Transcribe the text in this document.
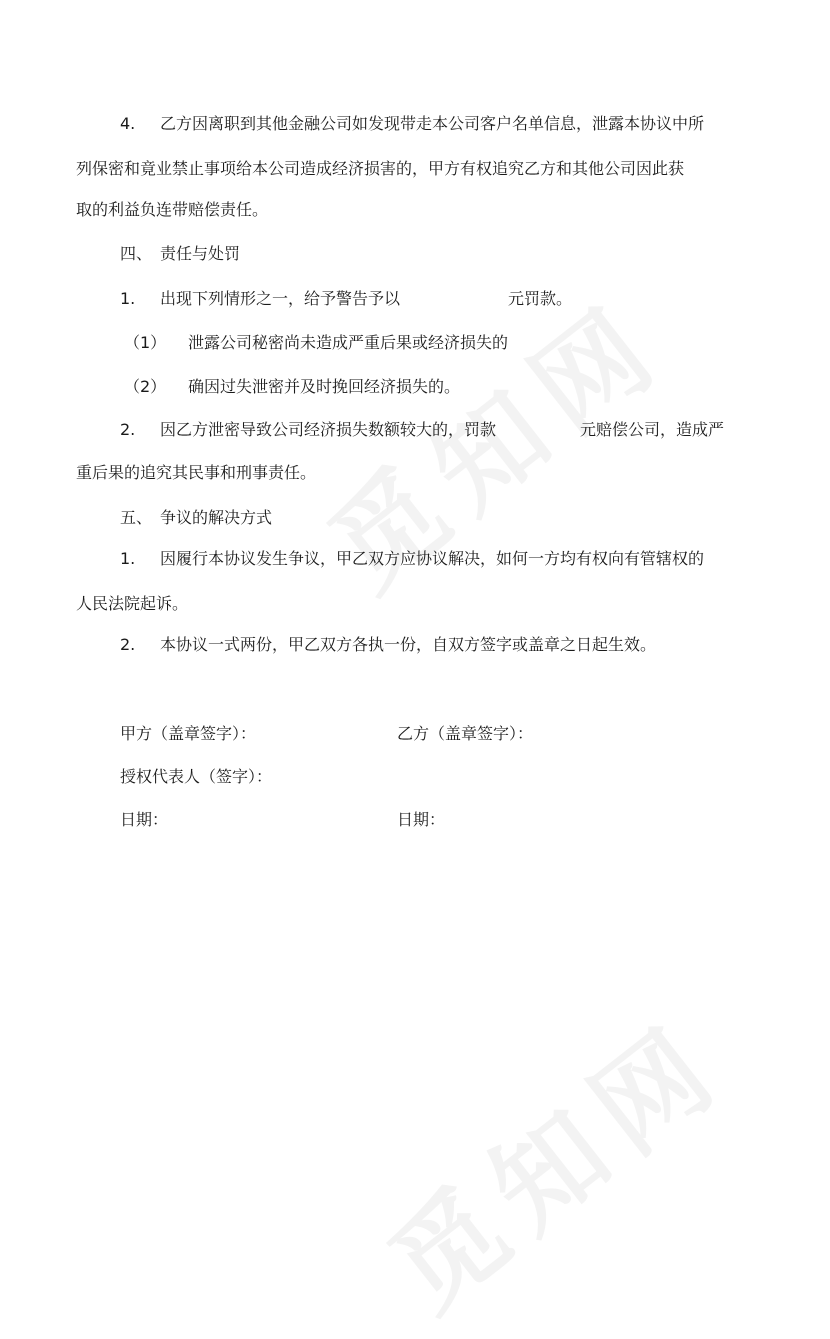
4. 乙方因离职到其他金融公司如发现带走本公司客户名单信息，泄露本协议中所
列保密和竟业禁止事项给本公司造成经济损害的，甲方有权追究乙方和其他公司因此获
取的利益负连带赔偿责任。
四、 责任与处罚
1. 出现下列情形之一，给予警告予以	元罚款。
（1） 泄露公司秘密尚未造成严重后果或经济损失的
（2） 确因过失泄密并及时挽回经济损失的。
2. 因乙方泄密导致公司经济损失数额较大的，罚款	元赔偿公司，造成严
重后果的追究其民事和刑事责任。
五、 争议的解决方式
1. 因履行本协议发生争议，甲乙双方应协议解决，如何一方均有权向有管辖权的
人民法院起诉。
2. 本协议一式两份，甲乙双方各执一份，自双方签字或盖章之日起生效。
甲方（盖章签字）：	乙方（盖章签字）：
授权代表人（签字）：
日期：	日期：
